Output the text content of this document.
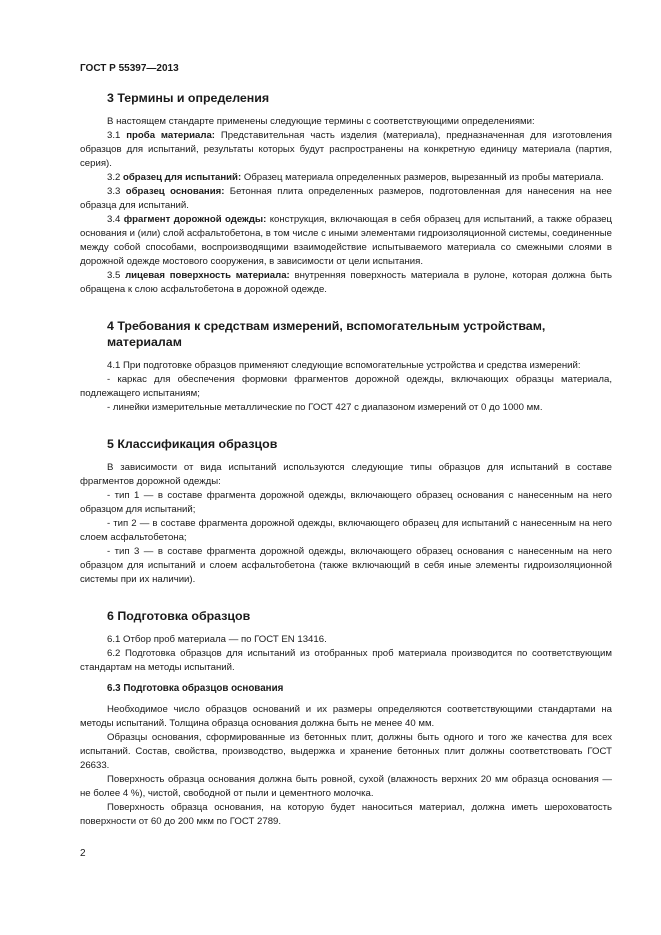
ГОСТ Р 55397—2013
3 Термины и определения

В настоящем стандарте применены следующие термины с соответствующими определениями:

3.1 проба материала: Представительная часть изделия (материала), предназначенная для изготовления образцов для испытаний, результаты которых будут распространены на конкретную единицу материала (партия, серия).

3.2 образец для испытаний: Образец материала определенных размеров, вырезанный из пробы материала.

3.3 образец основания: Бетонная плита определенных размеров, подготовленная для нанесения на нее образца для испытаний.

3.4 фрагмент дорожной одежды: конструкция, включающая в себя образец для испытаний, а также образец основания и (или) слой асфальтобетона, в том числе с иными элементами гидроизоляционной системы, соединенные между собой способами, воспроизводящими взаимодействие испытываемого материала со смежными слоями в дорожной одежде мостового сооружения, в зависимости от цели испытания.

3.5 лицевая поверхность материала: внутренняя поверхность материала в рулоне, которая должна быть обращена к слою асфальтобетона в дорожной одежде.

4 Требования к средствам измерений, вспомогательным устройствам, материалам

4.1 При подготовке образцов применяют следующие вспомогательные устройства и средства измерений:

- каркас для обеспечения формовки фрагментов дорожной одежды, включающих образцы материала, подлежащего испытаниям;

- линейки измерительные металлические по ГОСТ 427 с диапазоном измерений от 0 до 1000 мм.

5 Классификация образцов

В зависимости от вида испытаний используются следующие типы образцов для испытаний в составе фрагментов дорожной одежды:

- тип 1 — в составе фрагмента дорожной одежды, включающего образец основания с нанесенным на него образцом для испытаний;

- тип 2 — в составе фрагмента дорожной одежды, включающего образец для испытаний с нанесенным на него слоем асфальтобетона;

- тип 3 — в составе фрагмента дорожной одежды, включающего образец основания с нанесенным на него образцом для испытаний и слоем асфальтобетона (также включающий в себя иные элементы гидроизоляционной системы при их наличии).

6 Подготовка образцов

6.1 Отбор проб материала — по ГОСТ EN 13416.

6.2 Подготовка образцов для испытаний из отобранных проб материала производится по соответствующим стандартам на методы испытаний.

6.3 Подготовка образцов основания

Необходимое число образцов оснований и их размеры определяются соответствующими стандартами на методы испытаний. Толщина образца основания должна быть не менее 40 мм.

Образцы основания, сформированные из бетонных плит, должны быть одного и того же качества для всех испытаний. Состав, свойства, производство, выдержка и хранение бетонных плит должны соответствовать ГОСТ 26633.

Поверхность образца основания должна быть ровной, сухой (влажность верхних 20 мм образца основания — не более 4 %), чистой, свободной от пыли и цементного молочка.

Поверхность образца основания, на которую будет наноситься материал, должна иметь шероховатость поверхности от 60 до 200 мкм по ГОСТ 2789.

2
